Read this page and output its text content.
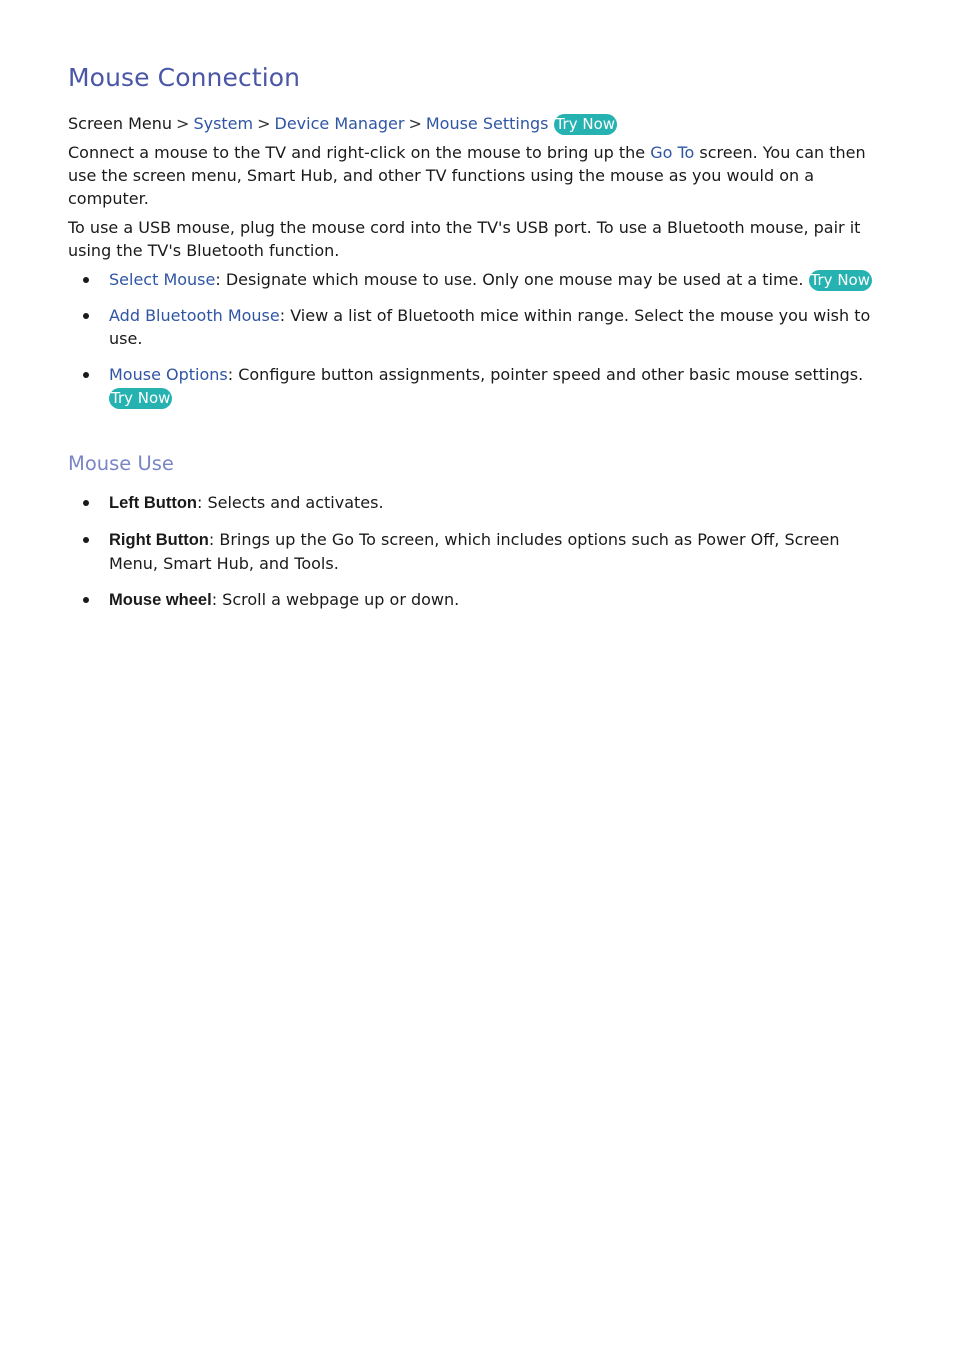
Mouse Connection
Screen Menu > System > Device Manager > Mouse Settings Try Now

Connect a mouse to the TV and right-click on the mouse to bring up the Go To screen. You can then use the screen menu, Smart Hub, and other TV functions using the mouse as you would on a computer.

To use a USB mouse, plug the mouse cord into the TV's USB port. To use a Bluetooth mouse, pair it using the TV's Bluetooth function.

Select Mouse: Designate which mouse to use. Only one mouse may be used at a time. Try Now
Add Bluetooth Mouse: View a list of Bluetooth mice within range. Select the mouse you wish to use.
Mouse Options: Configure button assignments, pointer speed and other basic mouse settings. Try Now
Mouse Use
Left Button: Selects and activates.
Right Button: Brings up the Go To screen, which includes options such as Power Off, Screen Menu, Smart Hub, and Tools.
Mouse wheel: Scroll a webpage up or down.
